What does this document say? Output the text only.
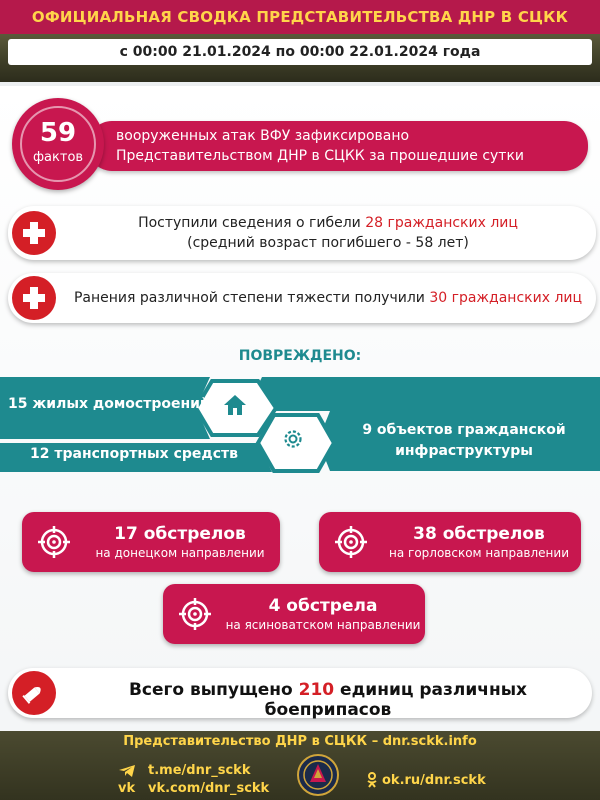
ОФИЦИАЛЬНАЯ СВОДКА ПРЕДСТАВИТЕЛЬСТВА ДНР В СЦКК
с 00:00 21.01.2024 по 00:00 22.01.2024 года
вооруженных атак ВФУ зафиксировано
Представительством ДНР в СЦКК за прошедшие сутки
59
фактов
Поступили сведения о гибели 28 гражданских лиц
(средний возраст погибшего - 58 лет)
Ранения различной степени тяжести получили 30 гражданских лиц
ПОВРЕЖДЕНО:
15 жилых домостроений
12 транспортных средств
9 объектов гражданской
инфраструктуры
17 обстрелов
на донецком направлении
38 обстрелов
на горловском направлении
4 обстрела
на ясиноватском направлении
Всего выпущено 210 единиц различных боеприпасов
Представительство ДНР в СЦКК – dnr.sckk.info
t.me/dnr_sckk
vk vk.com/dnr_sckk
ok.ru/dnr.sckk
